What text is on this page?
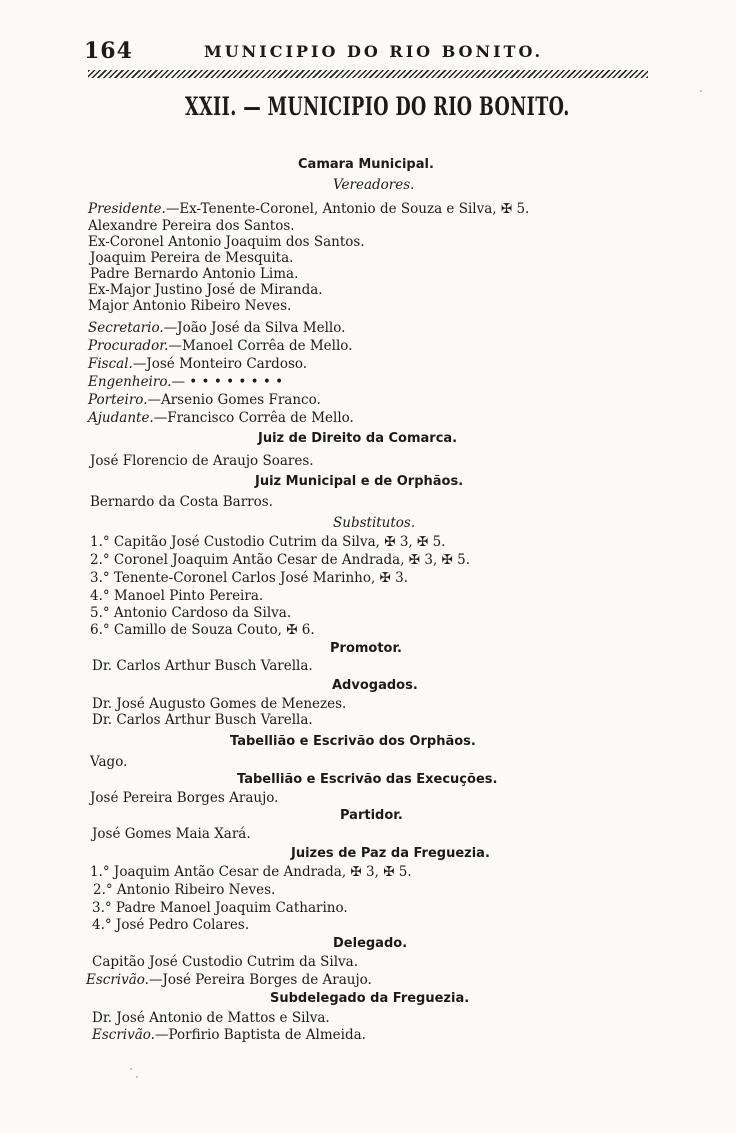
164	MUNICIPIO DO RIO BONITO.
XXII. — MUNICIPIO DO RIO BONITO.
Camara Municipal.
Vereadores.
Presidente.—Ex-Tenente-Coronel, Antonio de Souza e Silva, ✠ 5.
Alexandre Pereira dos Santos.
Ex-Coronel Antonio Joaquim dos Santos.
Joaquim Pereira de Mesquita.
Padre Bernardo Antonio Lima.
Ex-Major Justino José de Miranda.
Major Antonio Ribeiro Neves.
Secretario.—João José da Silva Mello.
Procurador.—Manoel Corrêa de Mello.
Fiscal.—José Monteiro Cardoso.
Engenheiro.— • • • • • • • •
Porteiro.—Arsenio Gomes Franco.
Ajudante.—Francisco Corrêa de Mello.
Juiz de Direito da Comarca.
José Florencio de Araujo Soares.
Juiz Municipal e de Orphãos.
Bernardo da Costa Barros.
Substitutos.
1.° Capitão José Custodio Cutrim da Silva, ✠ 3, ✠ 5.
2.° Coronel Joaquim Antão Cesar de Andrada, ✠ 3, ✠ 5.
3.° Tenente-Coronel Carlos José Marinho, ✠ 3.
4.° Manoel Pinto Pereira.
5.° Antonio Cardoso da Silva.
6.° Camillo de Souza Couto, ✠ 6.
Promotor.
Dr. Carlos Arthur Busch Varella.
Advogados.
Dr. José Augusto Gomes de Menezes.
Dr. Carlos Arthur Busch Varella.
Tabellião e Escrivão dos Orphãos.
Vago.
Tabellião e Escrivão das Execuções.
José Pereira Borges Araujo.
Partidor.
José Gomes Maia Xará.
Juizes de Paz da Freguezia.
1.° Joaquim Antão Cesar de Andrada, ✠ 3, ✠ 5.
2.° Antonio Ribeiro Neves.
3.° Padre Manoel Joaquim Catharino.
4.° José Pedro Colares.
Delegado.
Capitão José Custodio Cutrim da Silva.
Escrivão.—José Pereira Borges de Araujo.
Subdelegado da Freguezia.
Dr. José Antonio de Mattos e Silva.
Escrivão.—Porfirio Baptista de Almeida.
